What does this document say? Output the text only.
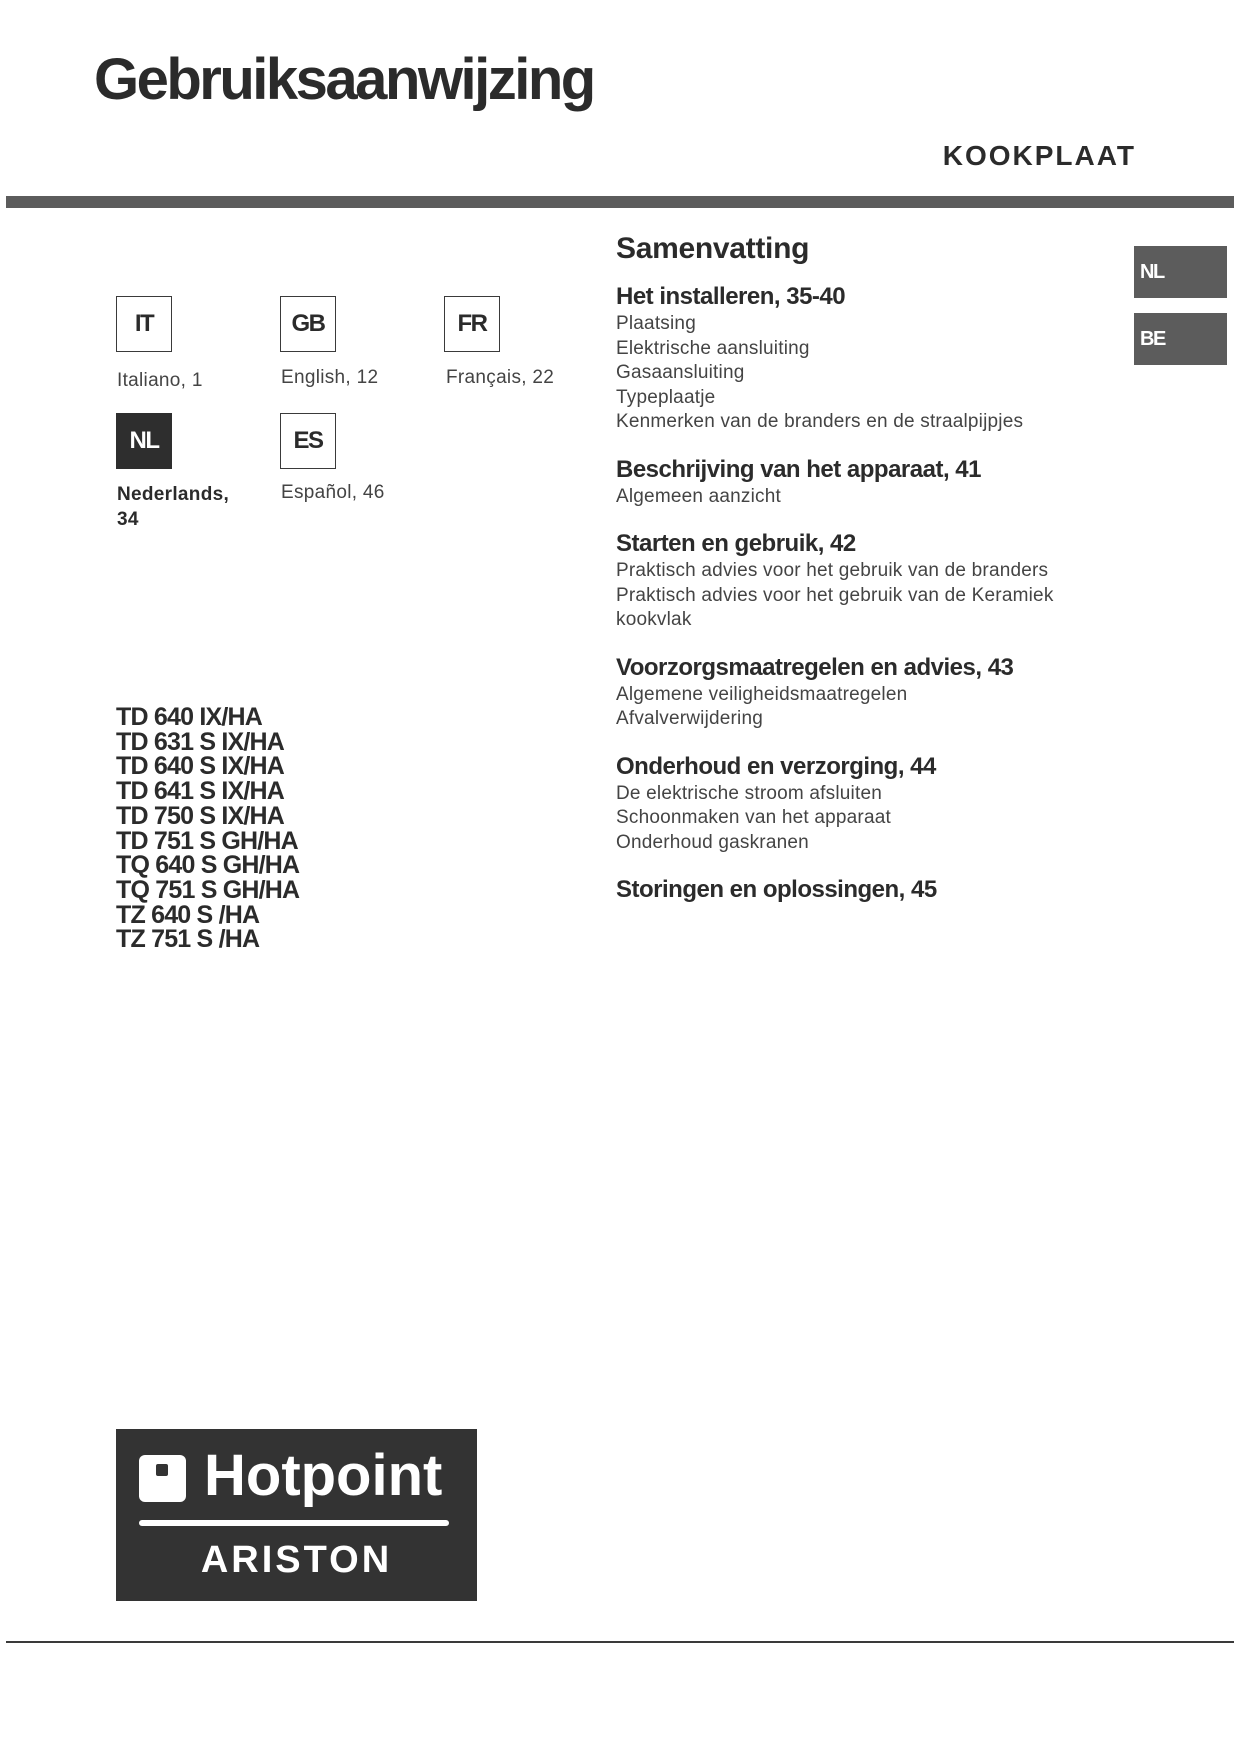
Gebruiksaanwijzing
KOOKPLAAT
IT
Italiano, 1
GB
English, 12
FR
Français, 22
NL
Nederlands, 34
ES
Español, 46
TD 640 IX/HA
TD 631 S IX/HA
TD 640 S IX/HA
TD 641 S IX/HA
TD 750 S IX/HA
TD 751 S GH/HA
TQ 640 S GH/HA
TQ 751 S GH/HA
TZ 640 S /HA
TZ 751 S /HA
Samenvatting
Het installeren, 35-40
Plaatsing
Elektrische aansluiting
Gasaansluiting
Typeplaatje
Kenmerken van de branders en de straalpijpjes
Beschrijving van het apparaat, 41
Algemeen aanzicht
Starten en gebruik, 42
Praktisch advies voor het gebruik van de branders
Praktisch advies voor het gebruik van de Keramiek kookvlak
Voorzorgsmaatregelen en advies, 43
Algemene veiligheidsmaatregelen
Afvalverwijdering
Onderhoud en verzorging, 44
De elektrische stroom afsluiten
Schoonmaken van het apparaat
Onderhoud gaskranen
Storingen en oplossingen, 45
NL
BE
Hotpoint
ARISTON
